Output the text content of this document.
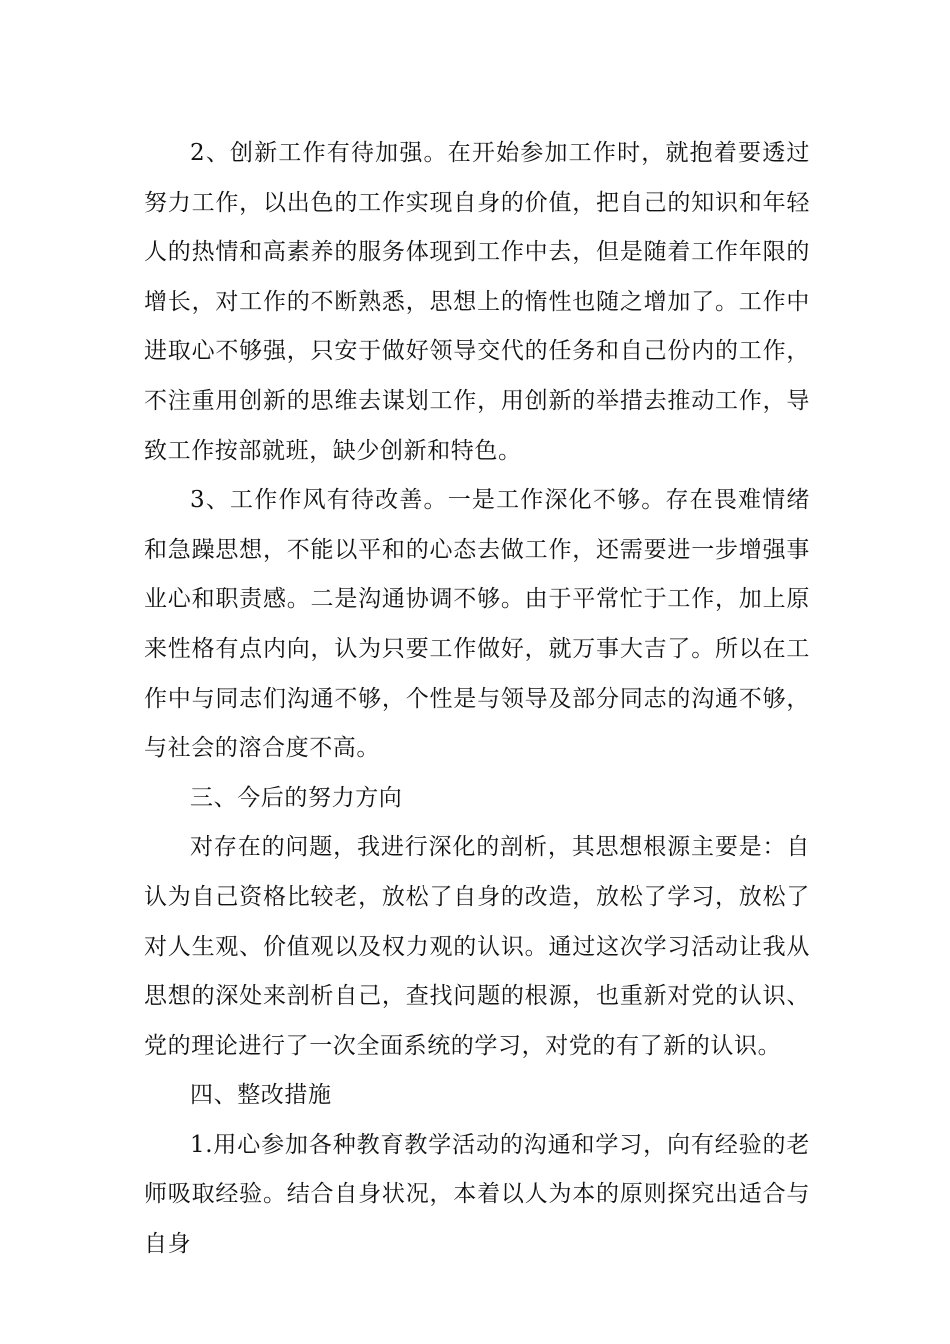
2、创新工作有待加强。在开始参加工作时，就抱着要透过努力工作，以出色的工作实现自身的价值，把自己的知识和年轻人的热情和高素养的服务体现到工作中去，但是随着工作年限的增长，对工作的不断熟悉，思想上的惰性也随之增加了。工作中进取心不够强，只安于做好领导交代的任务和自己份内的工作，不注重用创新的思维去谋划工作，用创新的举措去推动工作，导致工作按部就班，缺少创新和特色。

3、工作作风有待改善。一是工作深化不够。存在畏难情绪和急躁思想，不能以平和的心态去做工作，还需要进一步增强事业心和职责感。二是沟通协调不够。由于平常忙于工作，加上原来性格有点内向，认为只要工作做好，就万事大吉了。所以在工作中与同志们沟通不够，个性是与领导及部分同志的沟通不够，与社会的溶合度不高。

三、今后的努力方向

对存在的问题，我进行深化的剖析，其思想根源主要是：自认为自己资格比较老，放松了自身的改造，放松了学习，放松了对人生观、价值观以及权力观的认识。通过这次学习活动让我从思想的深处来剖析自己，查找问题的根源，也重新对党的认识、党的理论进行了一次全面系统的学习，对党的有了新的认识。

四、整改措施

1.用心参加各种教育教学活动的沟通和学习，向有经验的老师吸取经验。结合自身状况，本着以人为本的原则探究出适合与自身
